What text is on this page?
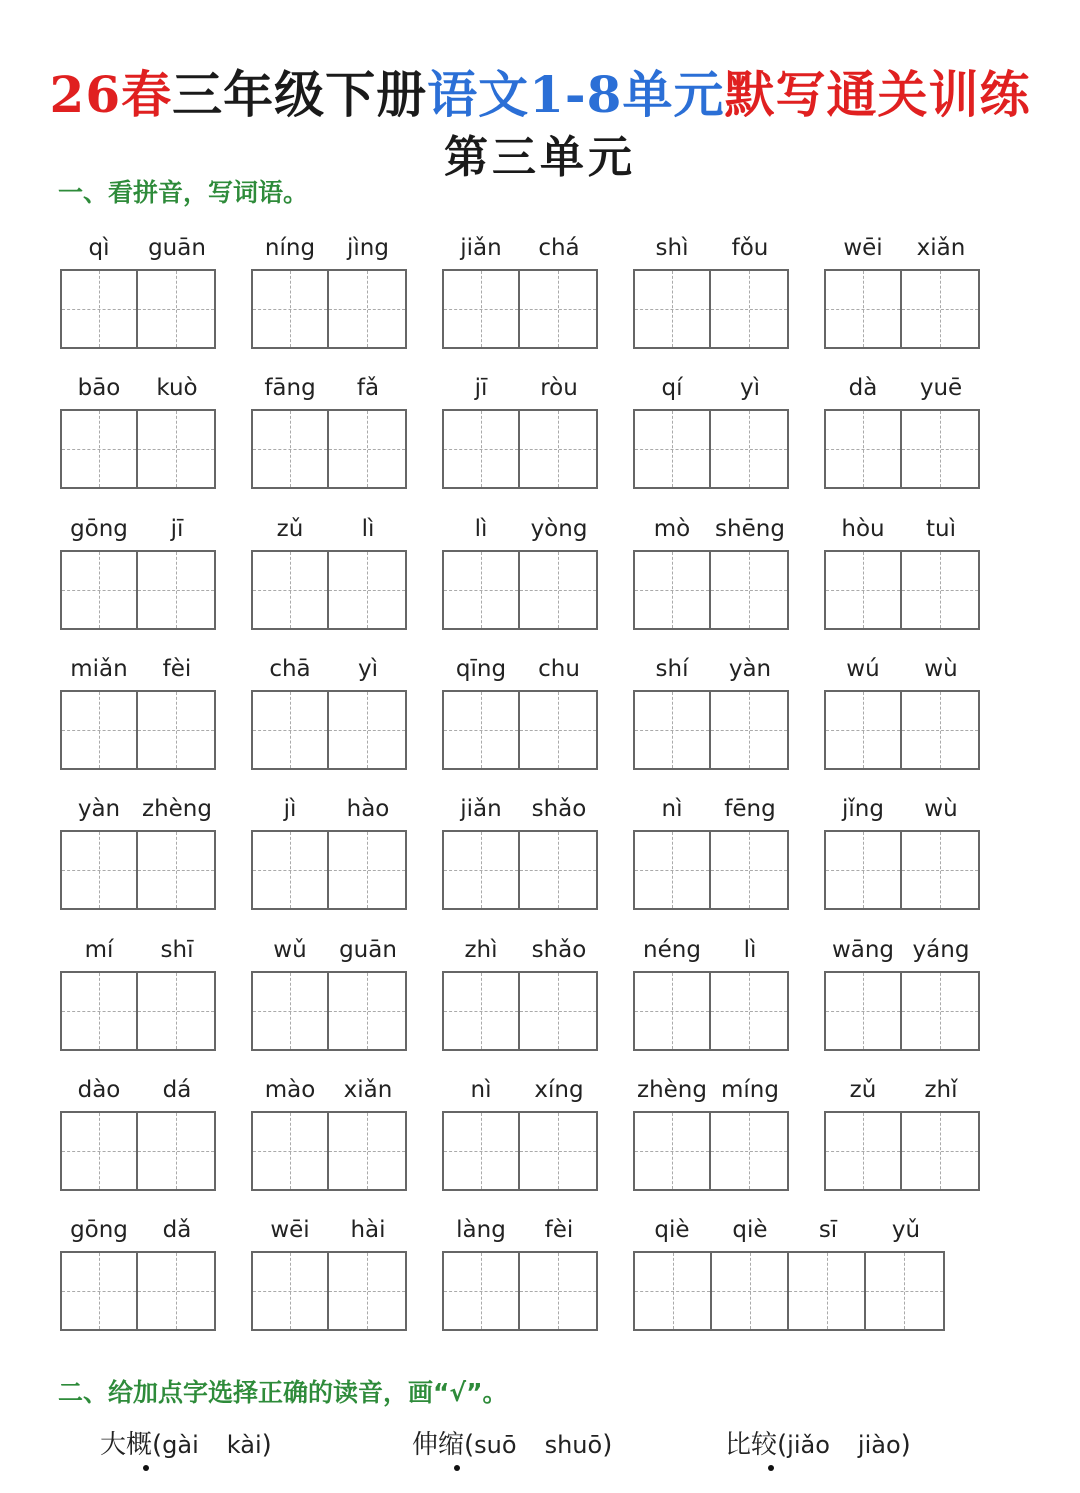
26春三年级下册语文1-8单元默写通关训练
第三单元
一、看拼音，写词语。
qì	guān	níng	jìng	jiǎn	chá	shì	fǒu	wēi	xiǎn
bāo	kuò	fāng	fǎ	jī	ròu	qí	yì	dà	yuē
gōng	jī	zǔ	lì	lì	yòng	mò	shēng	hòu	tuì
miǎn	fèi	chā	yì	qīng	chu	shí	yàn	wú	wù
yàn zhèng	jì	hào	jiǎn	shǎo	nì	fēng	jǐng	wù
mí	shī	wǔ	guān	zhì	shǎo	néng	lì	wāng yáng
dào	dá	mào	xiǎn	nì	xíng	zhèng míng	zǔ	zhǐ
gōng	dǎ	wēi	hài	làng	fèi	qiè	qiè	sī	yǔ
二、给加点字选择正确的读音，画“√”。
大概(gài kài)	伸缩(suō shuō)	比较(jiǎo jiào)
